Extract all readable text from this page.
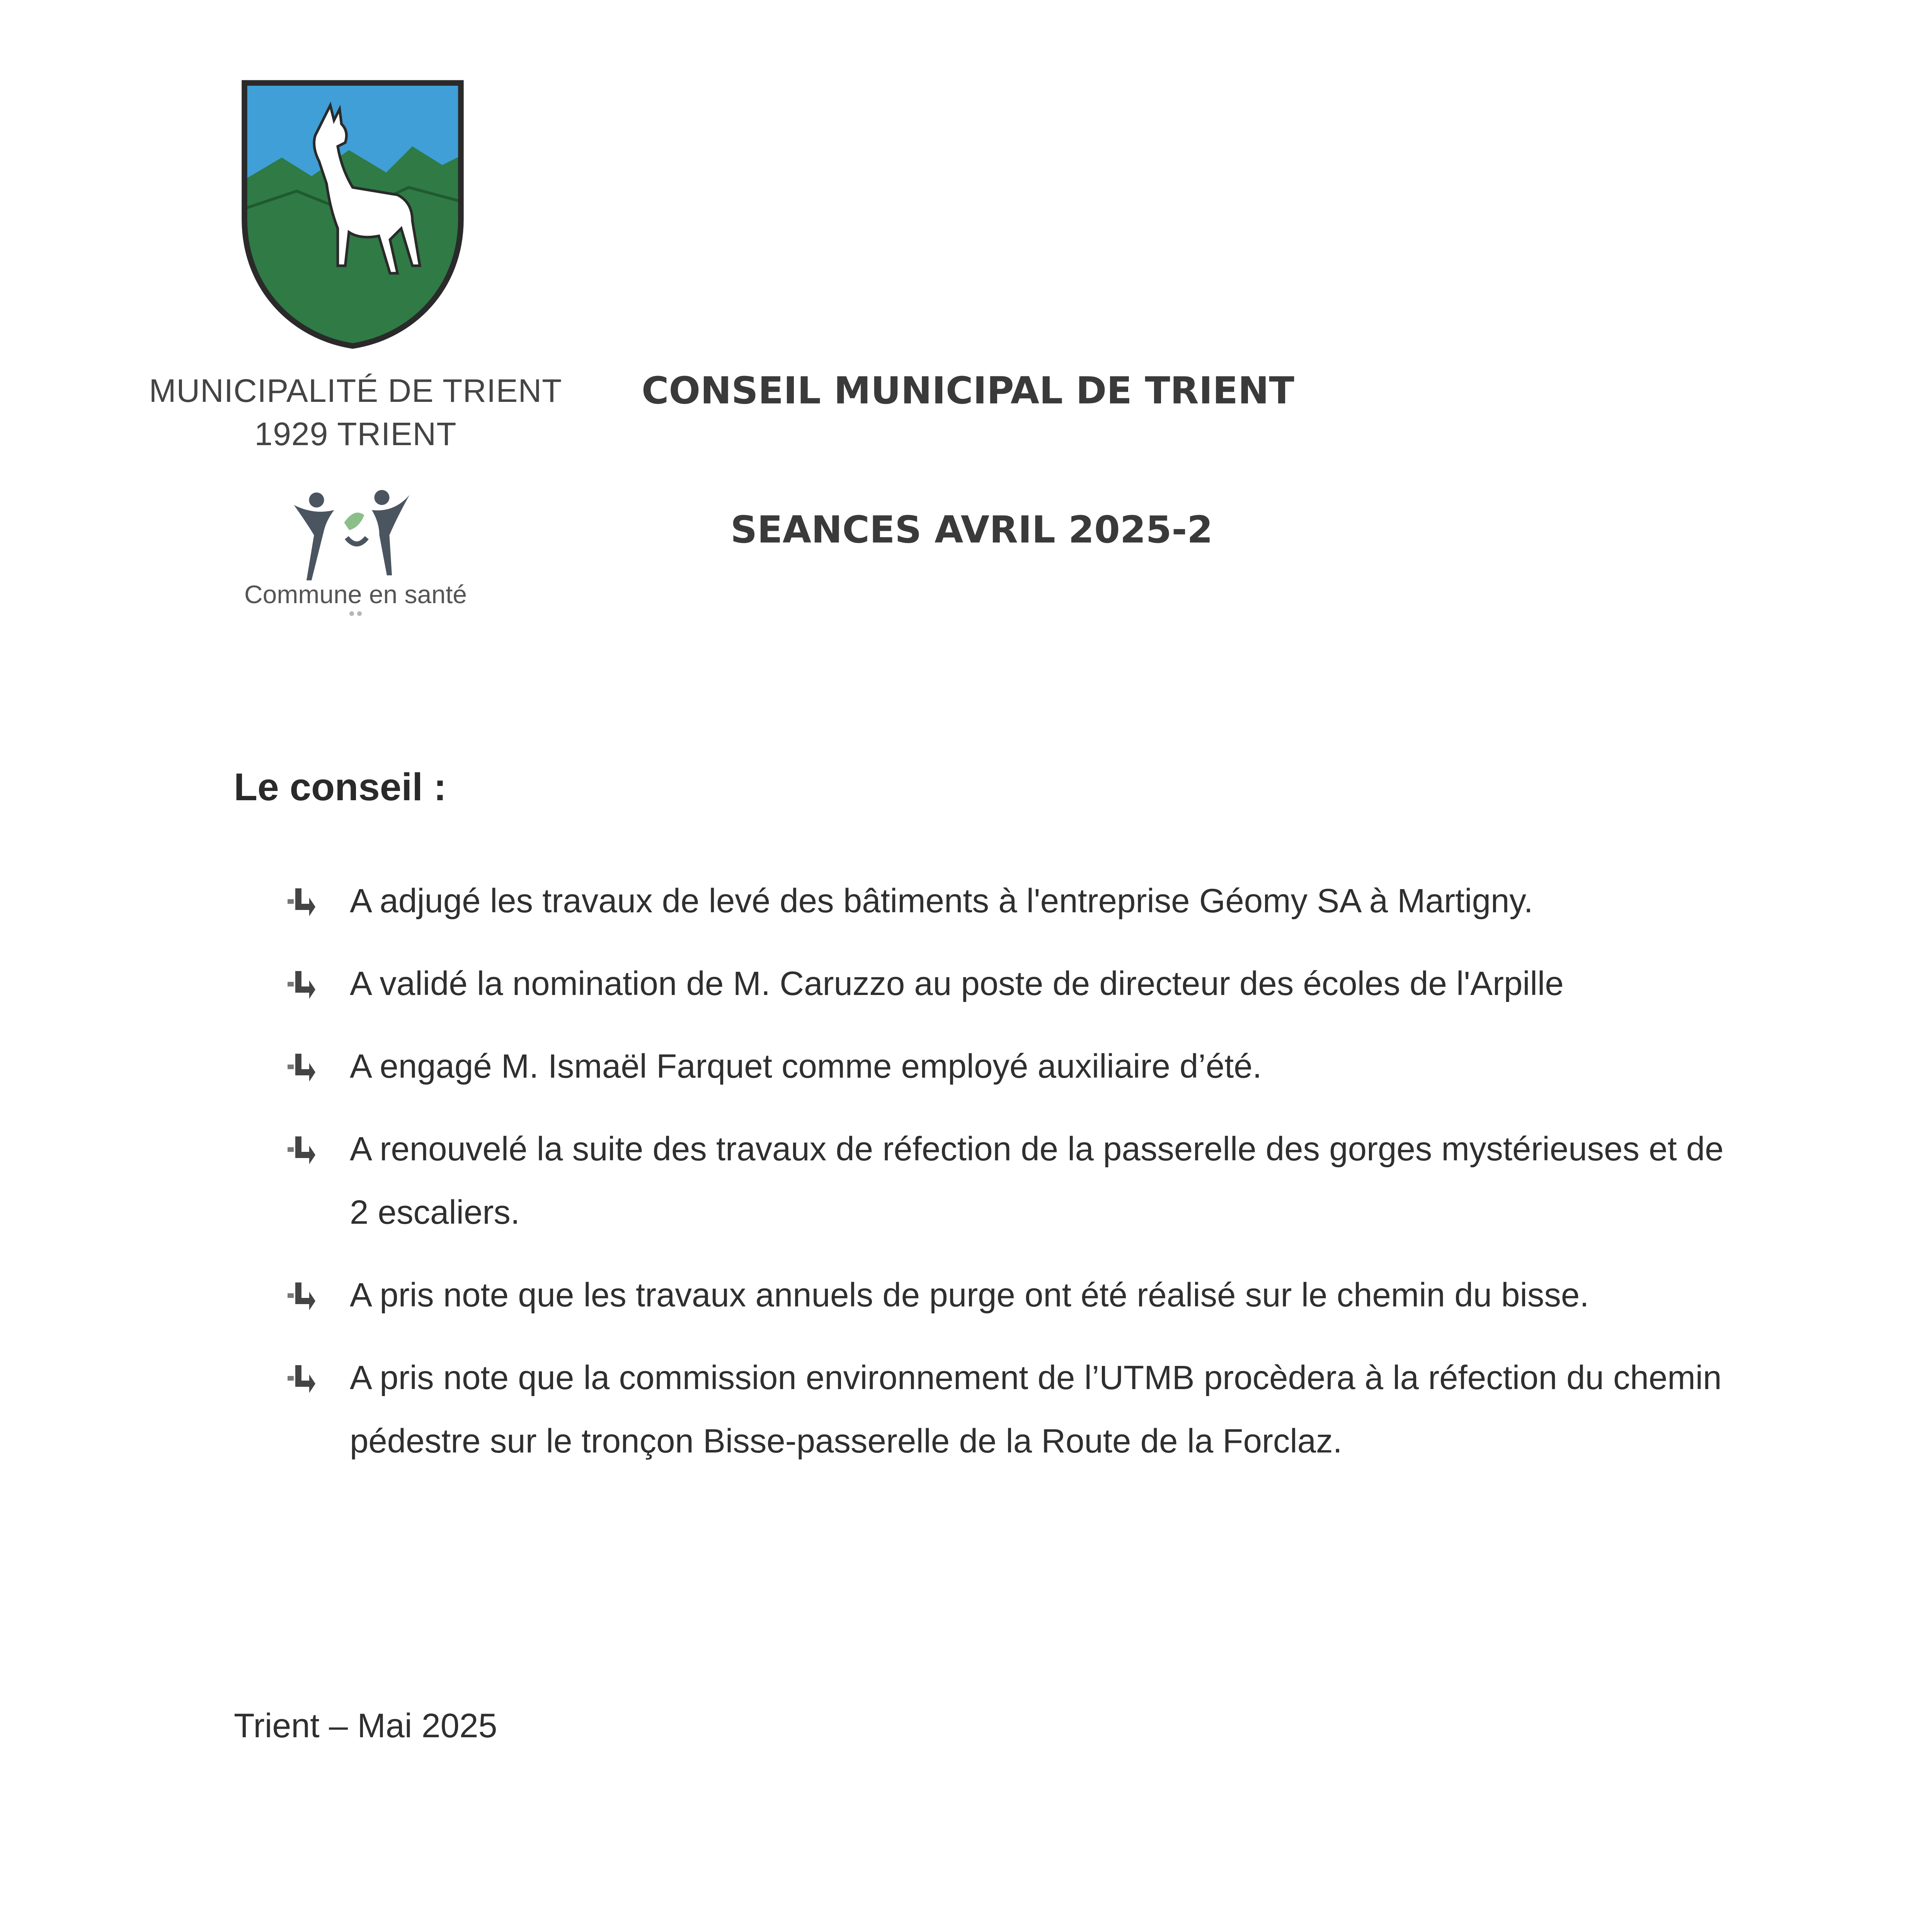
MUNICIPALITÉ DE TRIENT
1929 TRIENT
Commune en santé
CONSEIL MUNICIPAL DE TRIENT
SEANCES AVRIL 2025-2
Le conseil :
A adjugé les travaux de levé des bâtiments à l'entreprise Géomy SA à Martigny.
A validé la nomination de M. Caruzzo au poste de directeur des écoles de l'Arpille
A engagé M. Ismaël Farquet comme employé auxiliaire d’été.
A renouvelé la suite des travaux de réfection de la passerelle des gorges mystérieuses et de 2 escaliers.
A pris note que les travaux annuels de purge ont été réalisé sur le chemin du bisse.
A pris note que la commission environnement de l’UTMB procèdera à la réfection du chemin pédestre sur le tronçon Bisse-passerelle de la Route de la Forclaz.
Trient – Mai 2025
